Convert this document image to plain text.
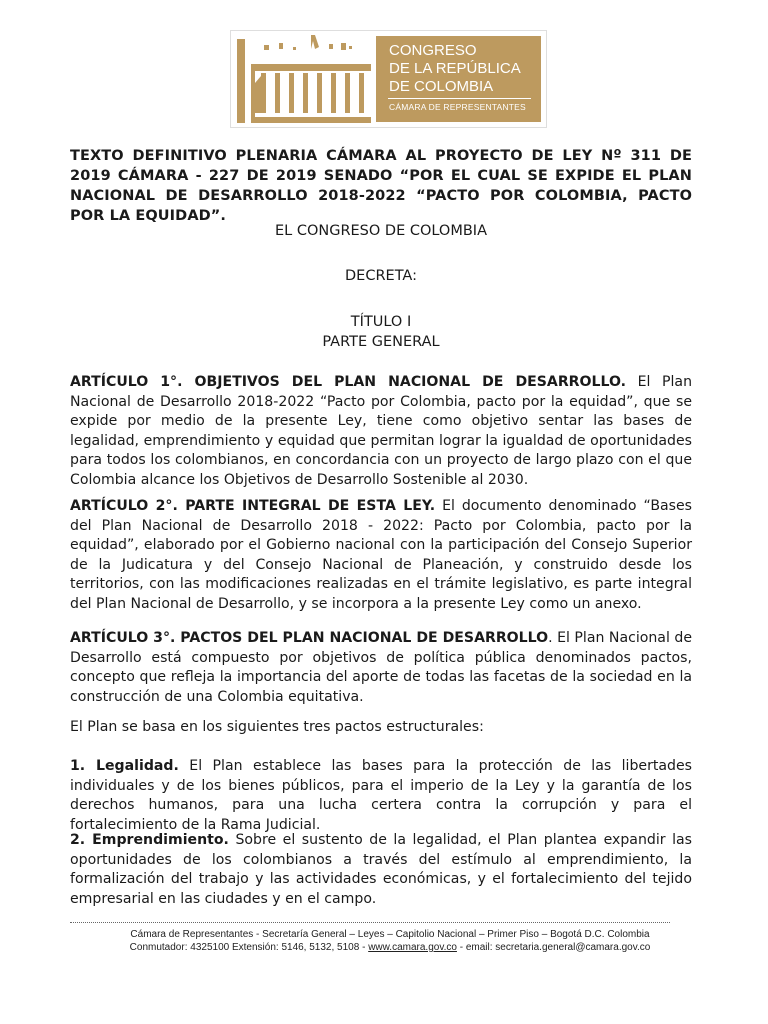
CONGRESO
DE LA REPÚBLICA
DE COLOMBIA
CÁMARA DE REPRESENTANTES
TEXTO DEFINITIVO PLENARIA CÁMARA AL PROYECTO DE LEY Nº 311 DE 2019 CÁMARA - 227 DE 2019 SENADO “POR EL CUAL SE EXPIDE EL PLAN NACIONAL DE DESARROLLO 2018-2022 “PACTO POR COLOMBIA, PACTO POR LA EQUIDAD”.
EL CONGRESO DE COLOMBIA
DECRETA:
TÍTULO I
PARTE GENERAL

ARTÍCULO 1°. OBJETIVOS DEL PLAN NACIONAL DE DESARROLLO. El Plan Nacional de Desarrollo 2018-2022 “Pacto por Colombia, pacto por la equidad”, que se expide por medio de la presente Ley, tiene como objetivo sentar las bases de legalidad, emprendimiento y equidad que permitan lograr la igualdad de oportunidades para todos los colombianos, en concordancia con un proyecto de largo plazo con el que Colombia alcance los Objetivos de Desarrollo Sostenible al 2030.

ARTÍCULO 2°. PARTE INTEGRAL DE ESTA LEY. El documento denominado “Bases del Plan Nacional de Desarrollo 2018 - 2022: Pacto por Colombia, pacto por la equidad”, elaborado por el Gobierno nacional con la participación del Consejo Superior de la Judicatura y del Consejo Nacional de Planeación, y construido desde los territorios, con las modificaciones realizadas en el trámite legislativo, es parte integral del Plan Nacional de Desarrollo, y se incorpora a la presente Ley como un anexo.

ARTÍCULO 3°. PACTOS DEL PLAN NACIONAL DE DESARROLLO. El Plan Nacional de Desarrollo está compuesto por objetivos de política pública denominados pactos, concepto que refleja la importancia del aporte de todas las facetas de la sociedad en la construcción de una Colombia equitativa.

El Plan se basa en los siguientes tres pactos estructurales:

1. Legalidad. El Plan establece las bases para la protección de las libertades individuales y de los bienes públicos, para el imperio de la Ley y la garantía de los derechos humanos, para una lucha certera contra la corrupción y para el fortalecimiento de la Rama Judicial.

2. Emprendimiento. Sobre el sustento de la legalidad, el Plan plantea expandir las oportunidades de los colombianos a través del estímulo al emprendimiento, la formalización del trabajo y las actividades económicas, y el fortalecimiento del tejido empresarial en las ciudades y en el campo.

Cámara de Representantes - Secretaría General – Leyes – Capitolio Nacional – Primer Piso – Bogotá D.C. Colombia
Conmutador: 4325100 Extensión: 5146, 5132, 5108 - www.camara.gov.co - email: secretaria.general@camara.gov.co
